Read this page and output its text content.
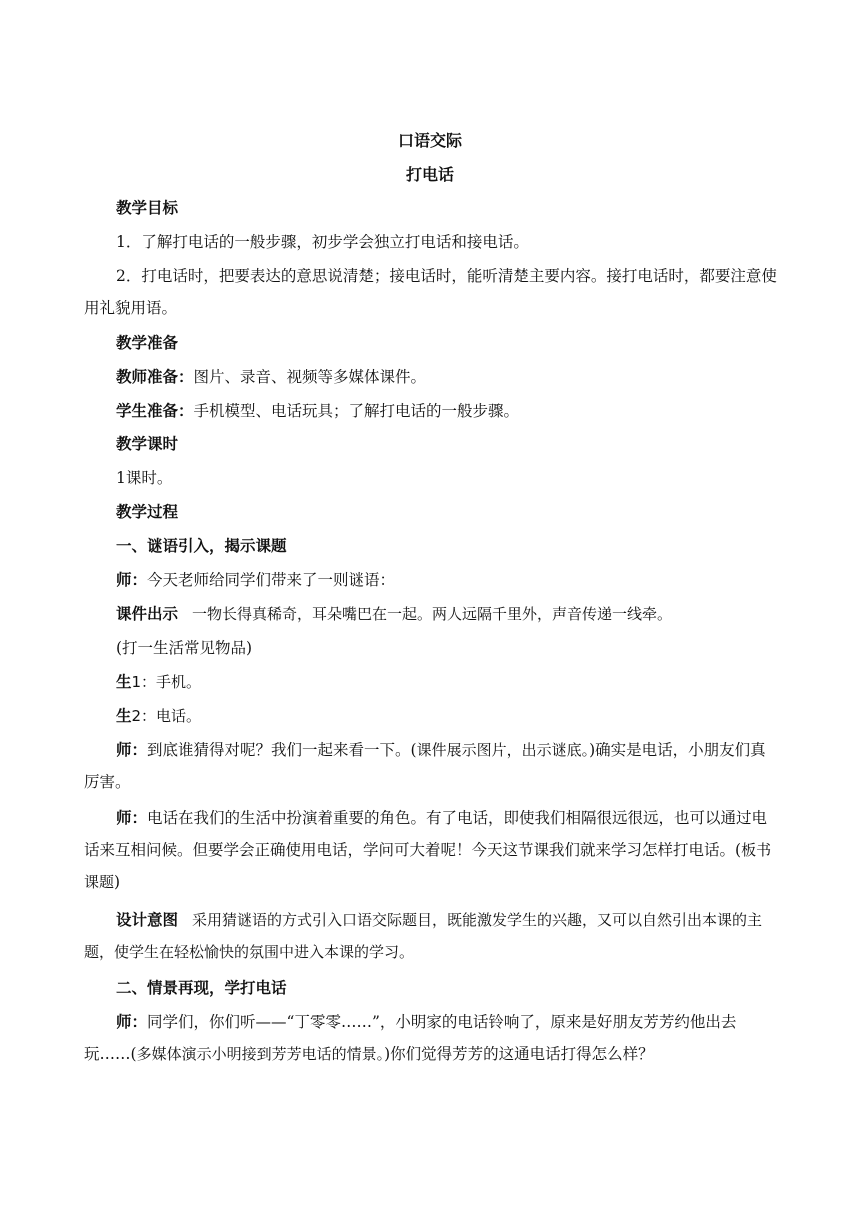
口语交际
打电话
教学目标
1．了解打电话的一般步骤，初步学会独立打电话和接电话。
2．打电话时，把要表达的意思说清楚；接电话时，能听清楚主要内容。接打电话时，都要注意使用礼貌用语。
教学准备
教师准备：图片、录音、视频等多媒体课件。
学生准备：手机模型、电话玩具；了解打电话的一般步骤。
教学课时
1课时。
教学过程
一、谜语引入，揭示课题
师：今天老师给同学们带来了一则谜语：
课件出示 一物长得真稀奇，耳朵嘴巴在一起。两人远隔千里外，声音传递一线牵。
(打一生活常见物品)
生1：手机。
生2：电话。
师：到底谁猜得对呢？我们一起来看一下。(课件展示图片，出示谜底。)确实是电话，小朋友们真厉害。
师：电话在我们的生活中扮演着重要的角色。有了电话，即使我们相隔很远很远，也可以通过电话来互相问候。但要学会正确使用电话，学问可大着呢！今天这节课我们就来学习怎样打电话。(板书课题)
设计意图 采用猜谜语的方式引入口语交际题目，既能激发学生的兴趣，又可以自然引出本课的主题，使学生在轻松愉快的氛围中进入本课的学习。
二、情景再现，学打电话
师：同学们，你们听——“丁零零……”，小明家的电话铃响了，原来是好朋友芳芳约他出去玩……(多媒体演示小明接到芳芳电话的情景。)你们觉得芳芳的这通电话打得怎么样？
